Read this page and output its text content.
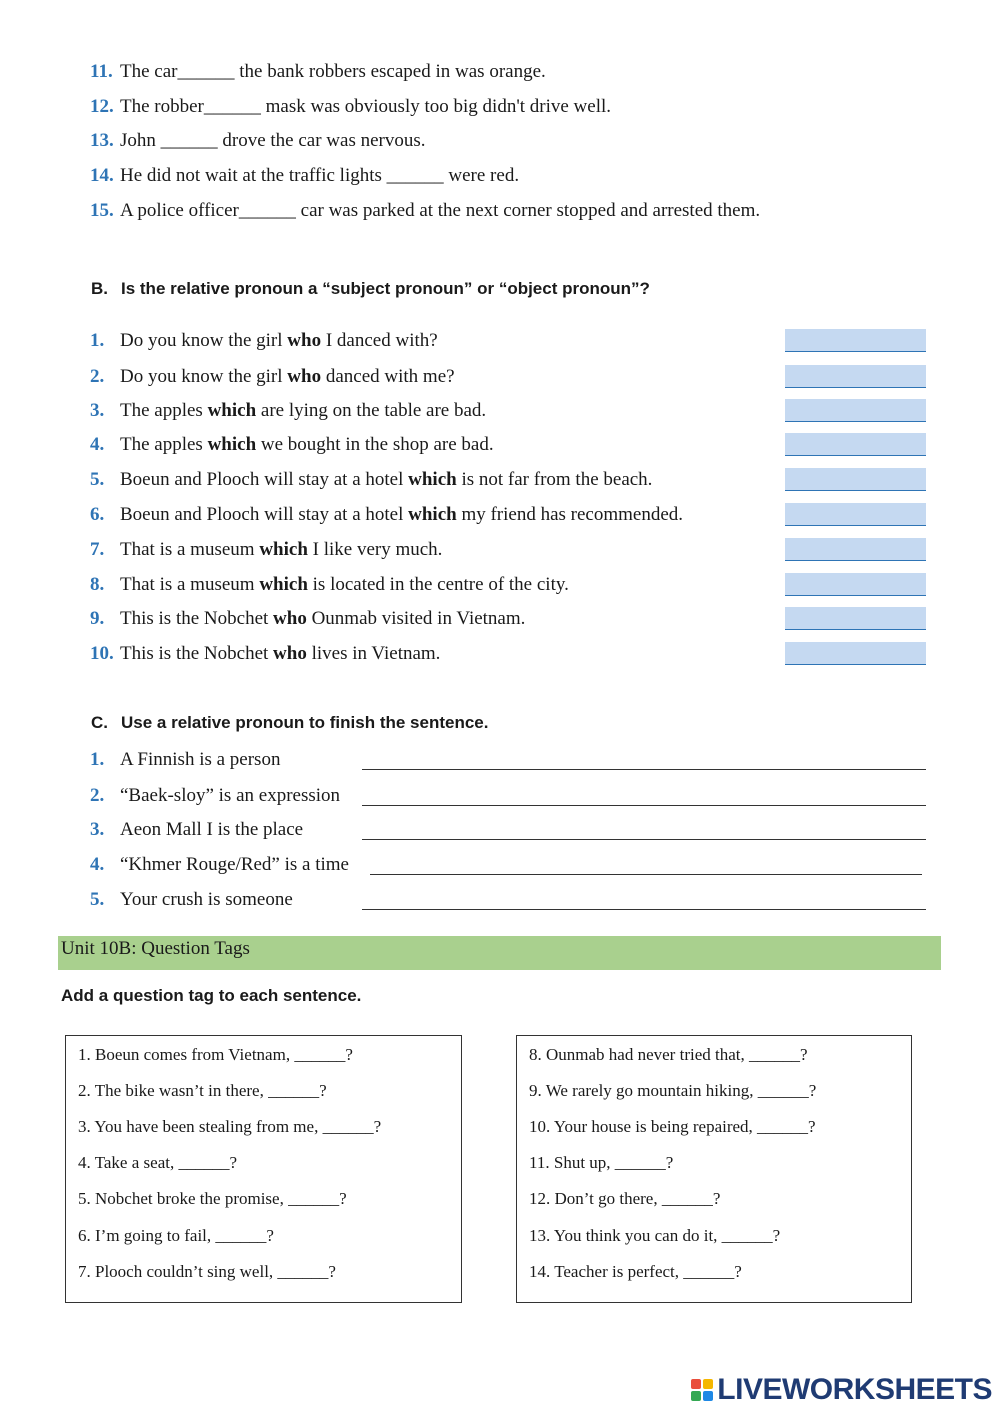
11. The car______ the bank robbers escaped in was orange.
12. The robber______ mask was obviously too big didn't drive well.
13. John ______ drove the car was nervous.
14. He did not wait at the traffic lights ______ were red.
15. A police officer______ car was parked at the next corner stopped and arrested them.
B. Is the relative pronoun a “subject pronoun” or “object pronoun”?
1. Do you know the girl who I danced with?
2. Do you know the girl who danced with me?
3. The apples which are lying on the table are bad.
4. The apples which we bought in the shop are bad.
5. Boeun and Plooch will stay at a hotel which is not far from the beach.
6. Boeun and Plooch will stay at a hotel which my friend has recommended.
7. That is a museum which I like very much.
8. That is a museum which is located in the centre of the city.
9. This is the Nobchet who Ounmab visited in Vietnam.
10. This is the Nobchet who lives in Vietnam.
C. Use a relative pronoun to finish the sentence.
1. A Finnish is a person
2. “Baek-sloy” is an expression
3. Aeon Mall I is the place
4. “Khmer Rouge/Red” is a time
5. Your crush is someone
Unit 10B: Question Tags
Add a question tag to each sentence.
1. Boeun comes from Vietnam, ______?
2. The bike wasn’t in there, ______?
3. You have been stealing from me, ______?
4. Take a seat, ______?
5. Nobchet broke the promise, ______?
6. I’m going to fail, ______?
7. Plooch couldn’t sing well, ______?
8. Ounmab had never tried that, ______?
9. We rarely go mountain hiking, ______?
10. Your house is being repaired, ______?
11. Shut up, ______?
12. Don’t go there, ______?
13. You think you can do it, ______?
14. Teacher is perfect, ______?
LIVEWORKSHEETS
